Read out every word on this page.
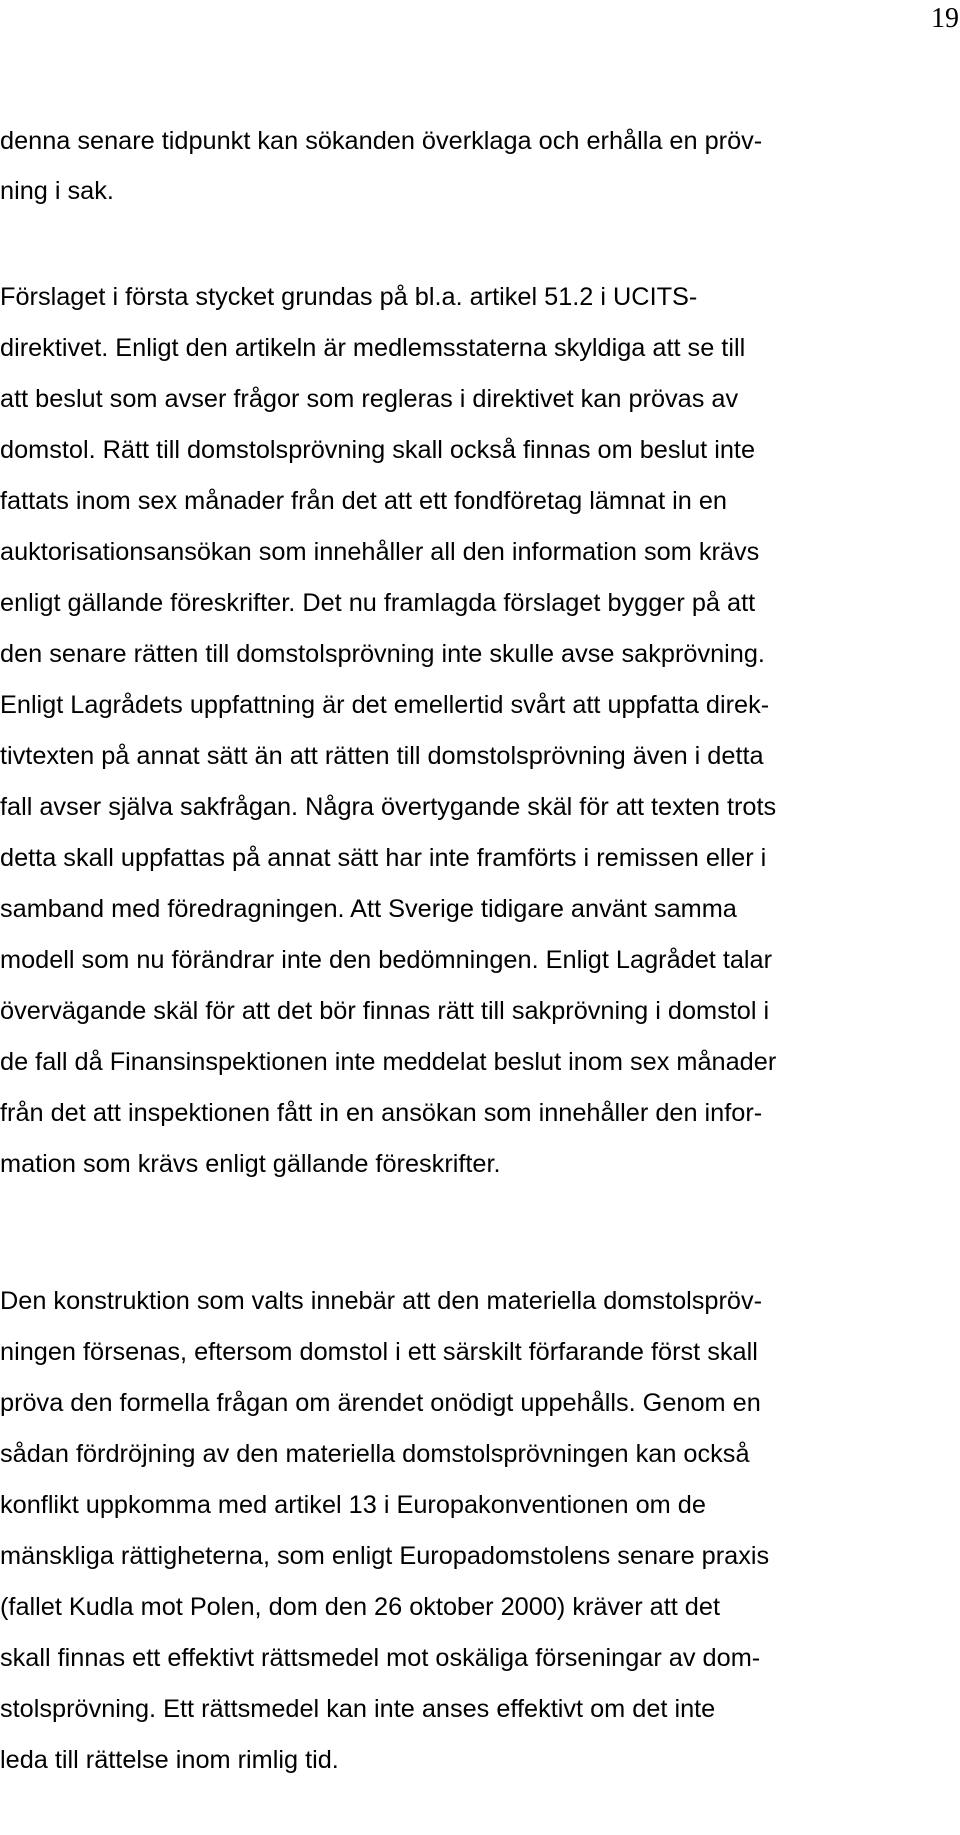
19
denna senare tidpunkt kan sökanden överklaga och erhålla en pröv-
ning i sak.
Förslaget i första stycket grundas på bl.a. artikel 51.2 i UCITS-
direktivet. Enligt den artikeln är medlemsstaterna skyldiga att se till
att beslut som avser frågor som regleras i direktivet kan prövas av
domstol. Rätt till domstolsprövning skall också finnas om beslut inte
fattats inom sex månader från det att ett fondföretag lämnat in en
auktorisationsansökan som innehåller all den information som krävs
enligt gällande föreskrifter. Det nu framlagda förslaget bygger på att
den senare rätten till domstolsprövning inte skulle avse sakprövning.
Enligt Lagrådets uppfattning är det emellertid svårt att uppfatta direk-
tivtexten på annat sätt än att rätten till domstolsprövning även i detta
fall avser själva sakfrågan. Några övertygande skäl för att texten trots
detta skall uppfattas på annat sätt har inte framförts i remissen eller i
samband med föredragningen. Att Sverige tidigare använt samma
modell som nu förändrar inte den bedömningen. Enligt Lagrådet talar
övervägande skäl för att det bör finnas rätt till sakprövning i domstol i
de fall då Finansinspektionen inte meddelat beslut inom sex månader
från det att inspektionen fått in en ansökan som innehåller den infor-
mation som krävs enligt gällande föreskrifter.
Den konstruktion som valts innebär att den materiella domstolspröv-
ningen försenas, eftersom domstol i ett särskilt förfarande först skall
pröva den formella frågan om ärendet onödigt uppehålls. Genom en
sådan fördröjning av den materiella domstolsprövningen kan också
konflikt uppkomma med artikel 13 i Europakonventionen om de
mänskliga rättigheterna, som enligt Europadomstolens senare praxis
(fallet Kudla mot Polen, dom den 26 oktober 2000) kräver att det
skall finnas ett effektivt rättsmedel mot oskäliga förseningar av dom-
stolsprövning. Ett rättsmedel kan inte anses effektivt om det inte
leda till rättelse inom rimlig tid.
